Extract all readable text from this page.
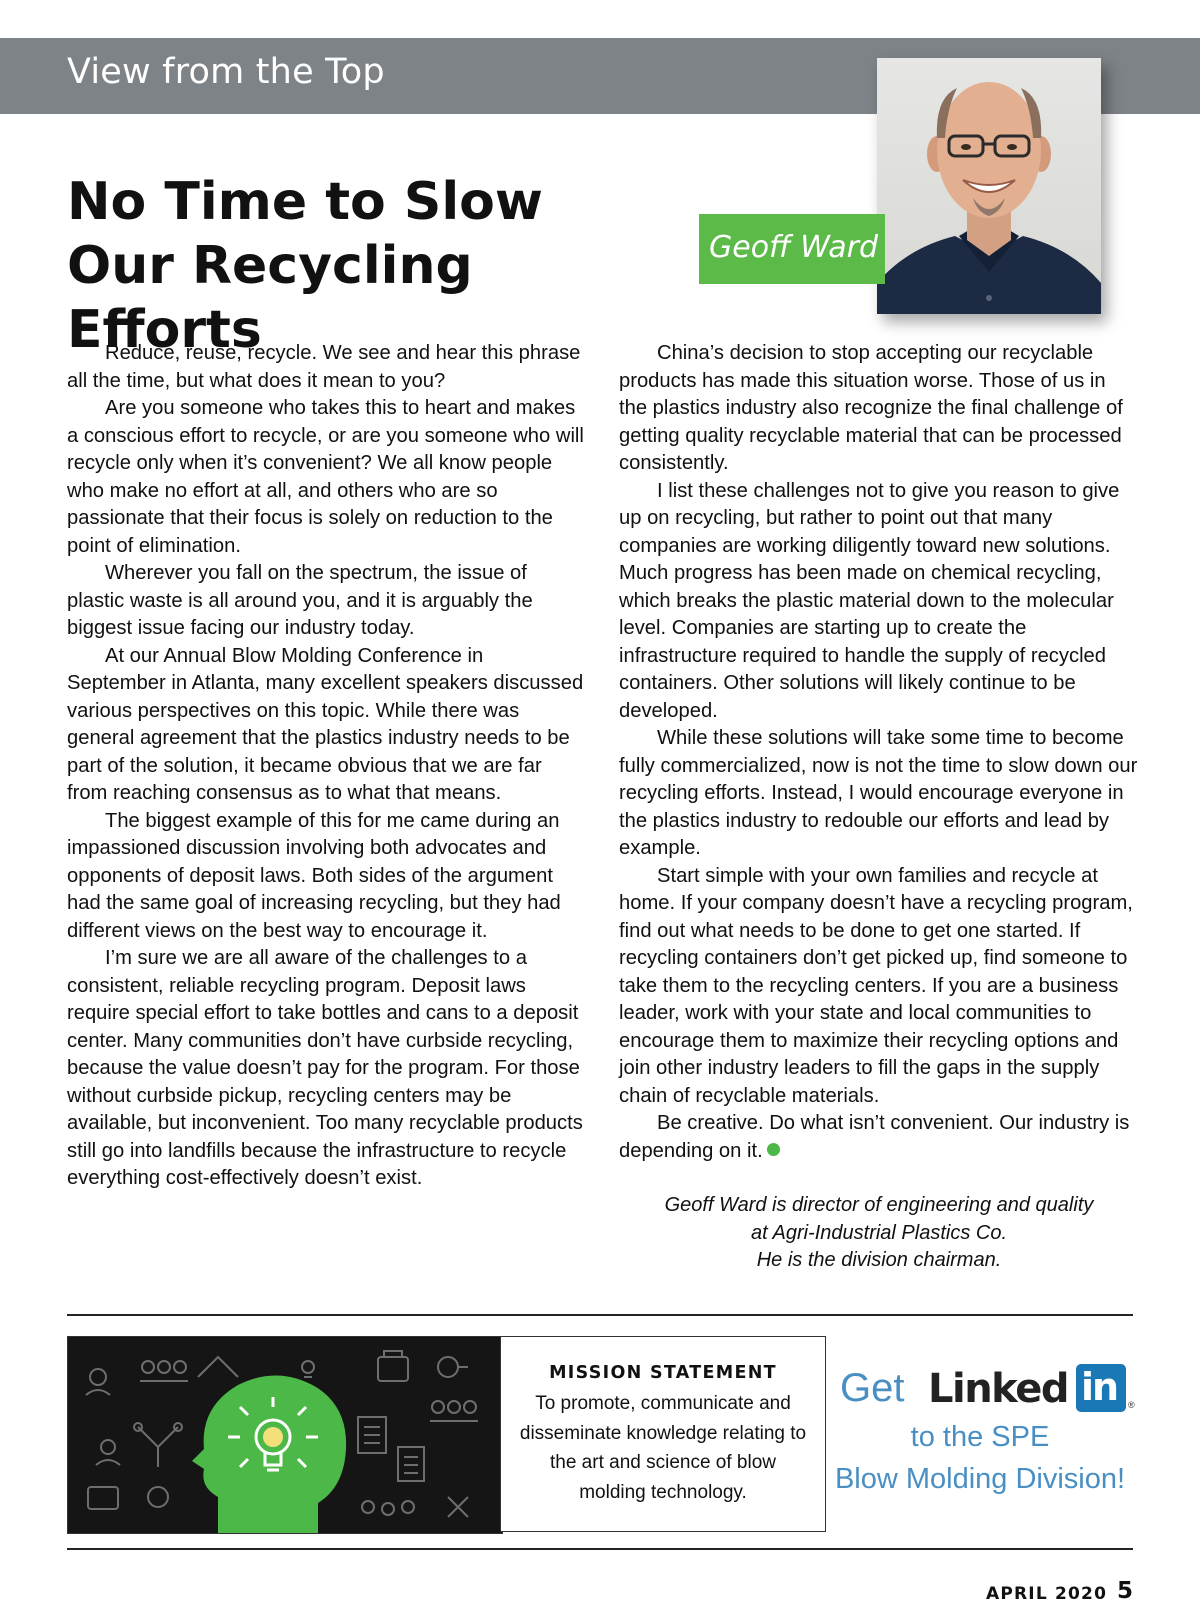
View from the Top
No Time to Slow Our Recycling Efforts
Geoff Ward

Reduce, reuse, recycle. We see and hear this phrase all the time, but what does it mean to you?

Are you someone who takes this to heart and makes a conscious effort to recycle, or are you someone who will recycle only when it’s convenient? We all know people who make no effort at all, and others who are so passionate that their focus is solely on reduction to the point of elimination.

Wherever you fall on the spectrum, the issue of plastic waste is all around you, and it is arguably the biggest issue facing our industry today.

At our Annual Blow Molding Conference in September in Atlanta, many excellent speakers discussed various perspectives on this topic. While there was general agreement that the plastics industry needs to be part of the solution, it became obvious that we are far from reaching consensus as to what that means.

The biggest example of this for me came during an impassioned discussion involving both advocates and opponents of deposit laws. Both sides of the argument had the same goal of increasing recycling, but they had different views on the best way to encourage it.

I’m sure we are all aware of the challenges to a consistent, reliable recycling program. Deposit laws require special effort to take bottles and cans to a deposit center. Many communities don’t have curbside recycling, because the value doesn’t pay for the program. For those without curbside pickup, recycling centers may be available, but inconvenient. Too many recyclable products still go into landfills because the infrastructure to recycle everything cost-effectively doesn’t exist.

China’s decision to stop accepting our recyclable products has made this situation worse. Those of us in the plastics industry also recognize the final challenge of getting quality recyclable material that can be processed consistently.

I list these challenges not to give you reason to give up on recycling, but rather to point out that many companies are working diligently toward new solutions. Much progress has been made on chemical recycling, which breaks the plastic material down to the molecular level. Companies are starting up to create the infrastructure required to handle the supply of recycled containers. Other solutions will likely continue to be developed.

While these solutions will take some time to become fully commercialized, now is not the time to slow down our recycling efforts. Instead, I would encourage everyone in the plastics industry to redouble our efforts and lead by example.

Start simple with your own families and recycle at home. If your company doesn’t have a recycling program, find out what needs to be done to get one started. If recycling containers don’t get picked up, find someone to take them to the recycling centers. If you are a business leader, work with your state and local communities to encourage them to maximize their recycling options and join other industry leaders to fill the gaps in the supply chain of recyclable materials.

Be creative. Do what isn’t convenient. Our industry is depending on it.

Geoff Ward is director of engineering and quality
at Agri-Industrial Plastics Co.
He is the division chairman.
MISSION STATEMENT
To promote, communicate and disseminate knowledge relating to the art and science of blow molding technology.
Get Linked in ®
to the SPE
Blow Molding Division!
APRIL 2020 5
